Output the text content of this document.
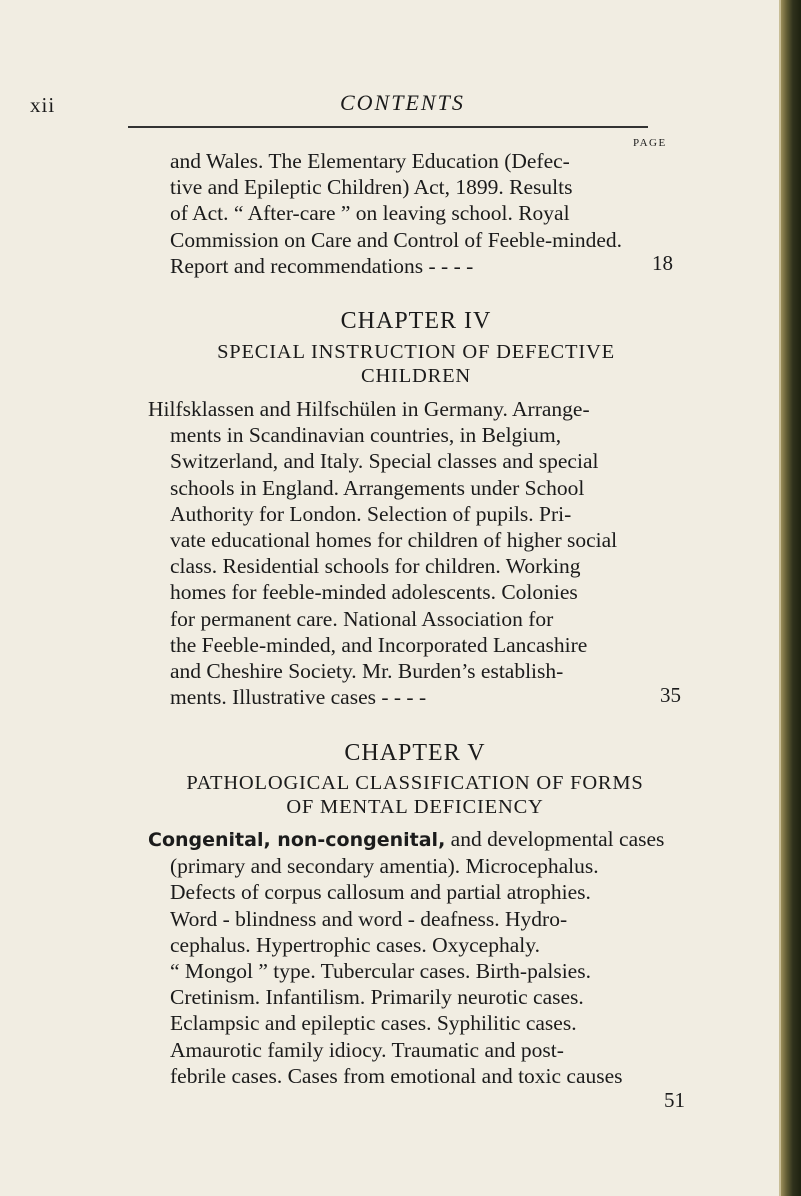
xii	CONTENTS
PAGE
and Wales. The Elementary Education (Defec-
tive and Epileptic Children) Act, 1899. Results
of Act. “ After-care ” on leaving school. Royal
Commission on Care and Control of Feeble-minded.
Report and recommendations - - - -	18
CHAPTER IV
SPECIAL INSTRUCTION OF DEFECTIVE
CHILDREN
Hilfsklassen and Hilfschülen in Germany. Arrange-
ments in Scandinavian countries, in Belgium,
Switzerland, and Italy. Special classes and special
schools in England. Arrangements under School
Authority for London. Selection of pupils. Pri-
vate educational homes for children of higher social
class. Residential schools for children. Working
homes for feeble-minded adolescents. Colonies
for permanent care. National Association for
the Feeble-minded, and Incorporated Lancashire
and Cheshire Society. Mr. Burden’s establish-
ments. Illustrative cases - - - -	35
CHAPTER V
PATHOLOGICAL CLASSIFICATION OF FORMS
OF MENTAL DEFICIENCY
Congenital, non-congenital, and developmental cases
(primary and secondary amentia). Microcephalus.
Defects of corpus callosum and partial atrophies.
Word - blindness and word - deafness. Hydro-
cephalus. Hypertrophic cases. Oxycephaly.
“ Mongol ” type. Tubercular cases. Birth-palsies.
Cretinism. Infantilism. Primarily neurotic cases.
Eclampsic and epileptic cases. Syphilitic cases.
Amaurotic family idiocy. Traumatic and post-
febrile cases. Cases from emotional and toxic causes
51
